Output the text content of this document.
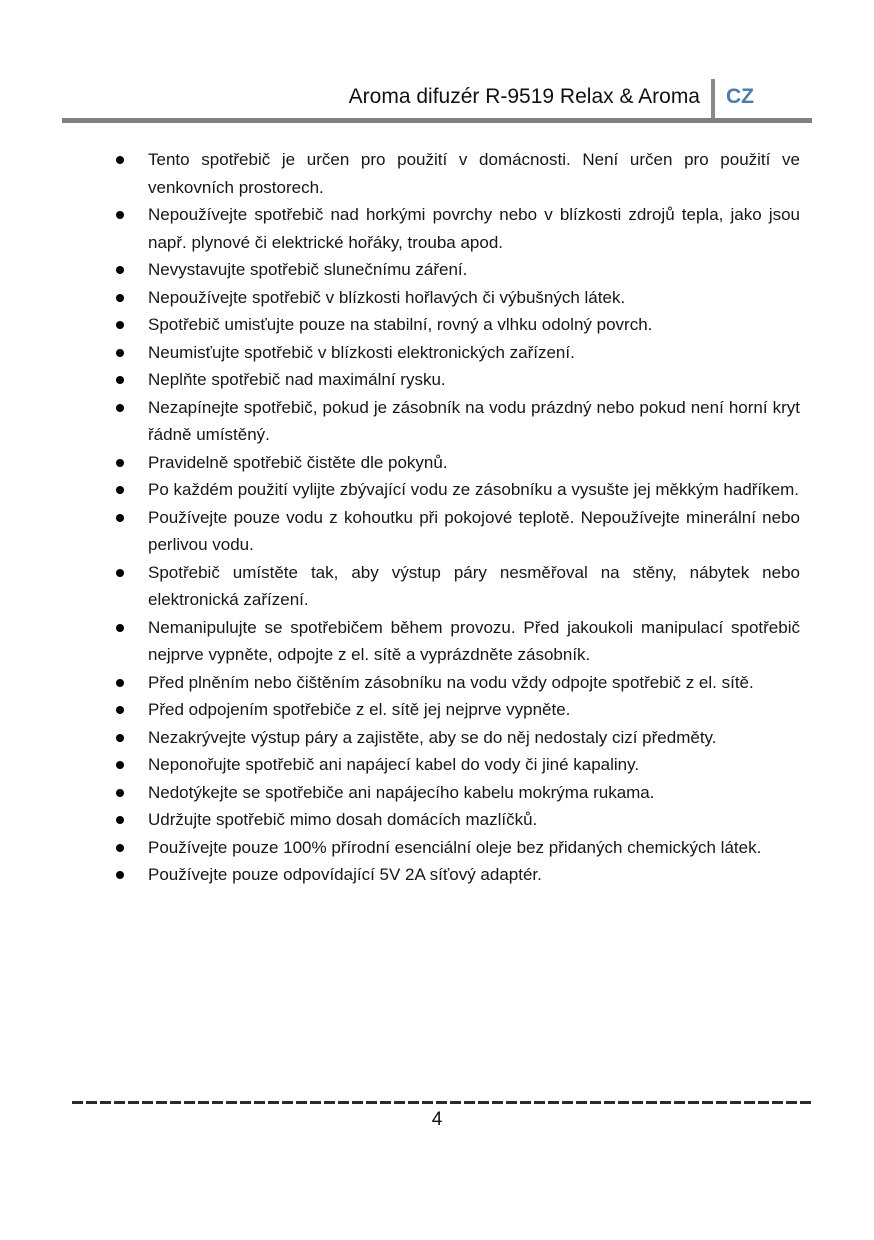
Aroma difuzér R-9519 Relax & Aroma CZ
Tento spotřebič je určen pro použití v domácnosti. Není určen pro použití ve venkovních prostorech.
Nepoužívejte spotřebič nad horkými povrchy nebo v blízkosti zdrojů tepla, jako jsou např. plynové či elektrické hořáky, trouba apod.
Nevystavujte spotřebič slunečnímu záření.
Nepoužívejte spotřebič v blízkosti hořlavých či výbušných látek.
Spotřebič umisťujte pouze na stabilní, rovný a vlhku odolný povrch.
Neumisťujte spotřebič v blízkosti elektronických zařízení.
Neplňte spotřebič nad maximální rysku.
Nezapínejte spotřebič, pokud je zásobník na vodu prázdný nebo pokud není horní kryt řádně umístěný.
Pravidelně spotřebič čistěte dle pokynů.
Po každém použití vylijte zbývající vodu ze zásobníku a vysušte jej měkkým hadříkem.
Používejte pouze vodu z kohoutku při pokojové teplotě. Nepoužívejte minerální nebo perlivou vodu.
Spotřebič umístěte tak, aby výstup páry nesměřoval na stěny, nábytek nebo elektronická zařízení.
Nemanipulujte se spotřebičem během provozu. Před jakoukoli manipulací spotřebič nejprve vypněte, odpojte z el. sítě a vyprázdněte zásobník.
Před plněním nebo čištěním zásobníku na vodu vždy odpojte spotřebič z el. sítě.
Před odpojením spotřebiče z el. sítě jej nejprve vypněte.
Nezakrývejte výstup páry a zajistěte, aby se do něj nedostaly cizí předměty.
Neponořujte spotřebič ani napájecí kabel do vody či jiné kapaliny.
Nedotýkejte se spotřebiče ani napájecího kabelu mokrýma rukama.
Udržujte spotřebič mimo dosah domácích mazlíčků.
Používejte pouze 100% přírodní esenciální oleje bez přidaných chemických látek.
Používejte pouze odpovídající 5V 2A síťový adaptér.
4
